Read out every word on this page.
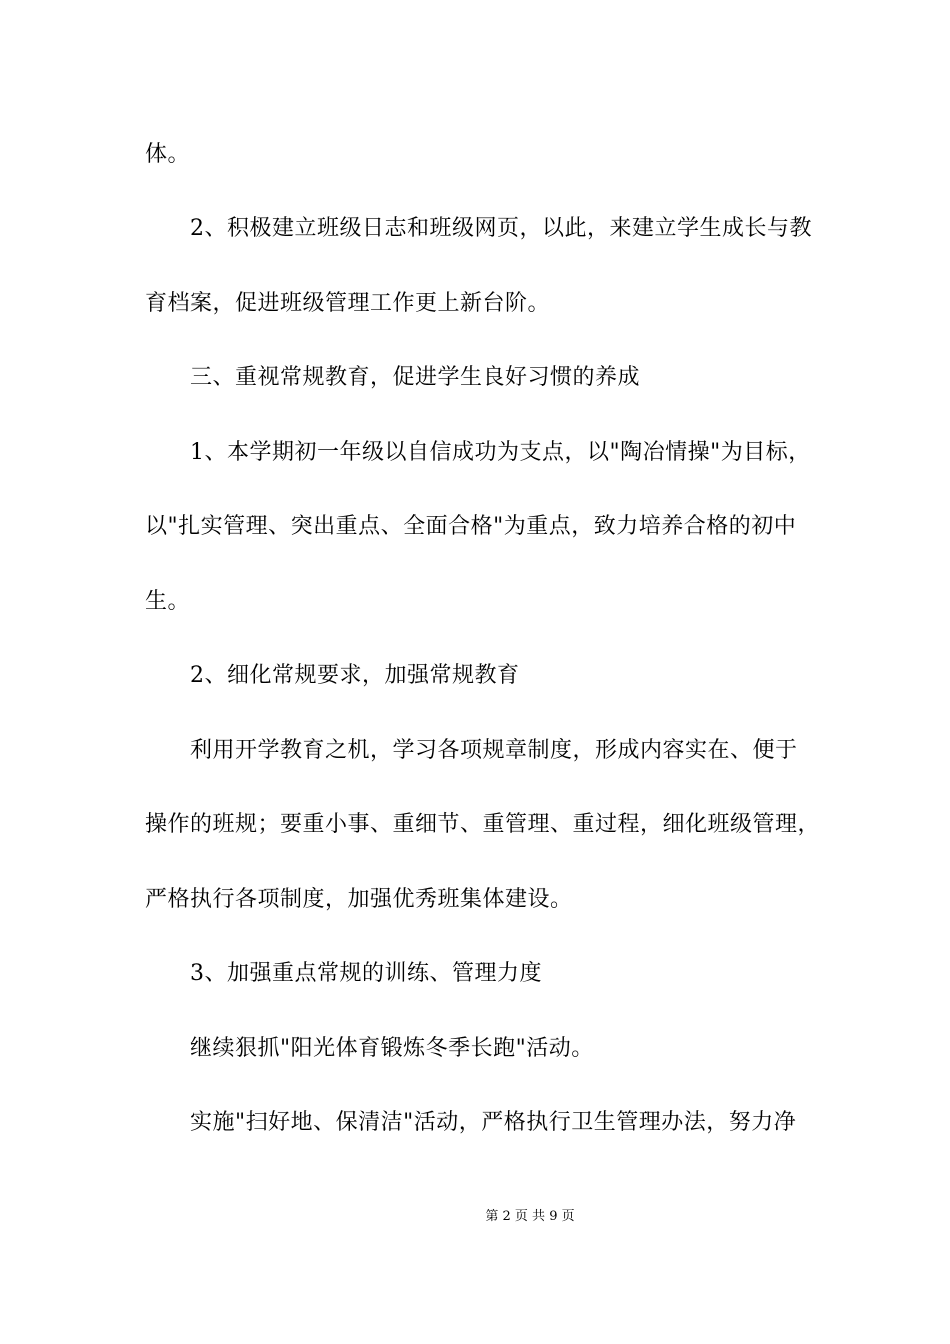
体。
2、积极建立班级日志和班级网页，以此，来建立学生成长与教
育档案，促进班级管理工作更上新台阶。
三、重视常规教育，促进学生良好习惯的养成
1、本学期初一年级以自信成功为支点，以"陶冶情操"为目标，
以"扎实管理、突出重点、全面合格"为重点，致力培养合格的初中
生。
2、细化常规要求，加强常规教育
利用开学教育之机，学习各项规章制度，形成内容实在、便于
操作的班规；要重小事、重细节、重管理、重过程，细化班级管理，
严格执行各项制度，加强优秀班集体建设。
3、加强重点常规的训练、管理力度
继续狠抓"阳光体育锻炼冬季长跑"活动。
实施"扫好地、保清洁"活动，严格执行卫生管理办法，努力净
第 2 页 共 9 页
